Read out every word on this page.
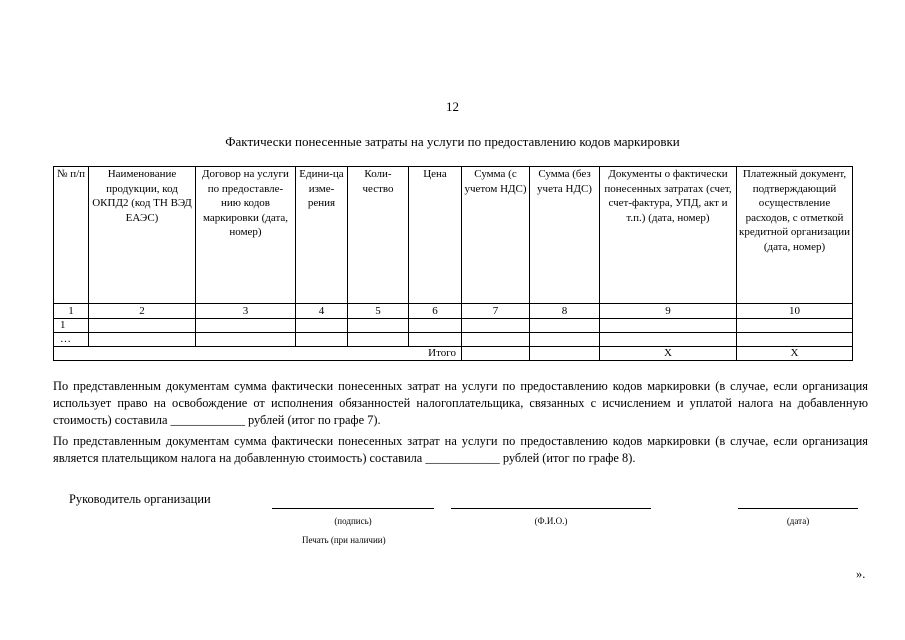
12
Фактически понесенные затраты на услуги по предоставлению кодов маркировки
№ п/п	Наименование продукции, код ОКПД2 (код ТН ВЭД ЕАЭС)	Договор на услуги по предоставле-нию кодов маркировки (дата, номер)	Едини-ца изме-рения	Коли-чество	Цена	Сумма (с учетом НДС)	Сумма (без учета НДС)	Документы о фактически понесенных затратах (счет, счет-фактура, УПД, акт и т.п.) (дата, номер)	Платежный документ, подтверждающий осуществление расходов, с отметкой кредитной организации (дата, номер)
1	2	3	4	5	6	7	8	9	10
1									
…									
Итого								Х	Х
По представленным документам сумма фактически понесенных затрат на услуги по предоставлению кодов маркировки (в случае, если организация использует право на освобождение от исполнения обязанностей налогоплательщика, связанных с исчислением и уплатой налога на добавленную стоимость) составила ____________ рублей (итог по графе 7).
По представленным документам сумма фактически понесенных затрат на услуги по предоставлению кодов маркировки (в случае, если организация является плательщиком налога на добавленную стоимость) составила ____________ рублей (итог по графе 8).
Руководитель организации
(подпись)	(Ф.И.О.)	(дата)
Печать (при наличии)
».
